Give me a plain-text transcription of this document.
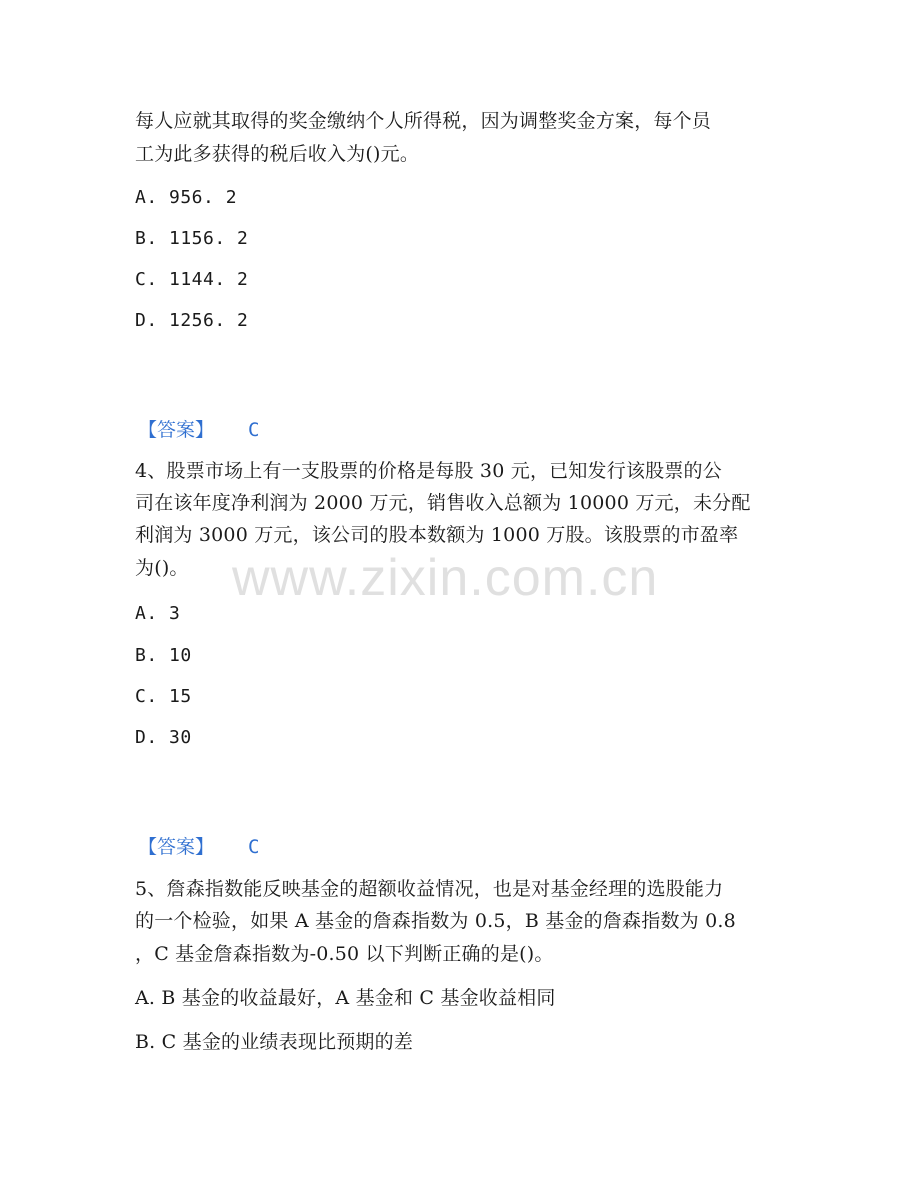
每人应就其取得的奖金缴纳个人所得税，因为调整奖金方案，每个员
工为此多获得的税后收入为()元。
A. 956. 2
B. 1156. 2
C. 1144. 2
D. 1256. 2
【答案】 C
4、股票市场上有一支股票的价格是每股 30 元，已知发行该股票的公
司在该年度净利润为 2000 万元，销售收入总额为 10000 万元，未分配
利润为 3000 万元，该公司的股本数额为 1000 万股。该股票的市盈率
为()。
A. 3
B. 10
C. 15
D. 30
【答案】 C
5、詹森指数能反映基金的超额收益情况，也是对基金经理的选股能力
的一个检验，如果 A 基金的詹森指数为 0.5，B 基金的詹森指数为 0.8
，C 基金詹森指数为-0.50 以下判断正确的是()。
A. B 基金的收益最好，A 基金和 C 基金收益相同
B. C 基金的业绩表现比预期的差
www.zixin.com.cn
